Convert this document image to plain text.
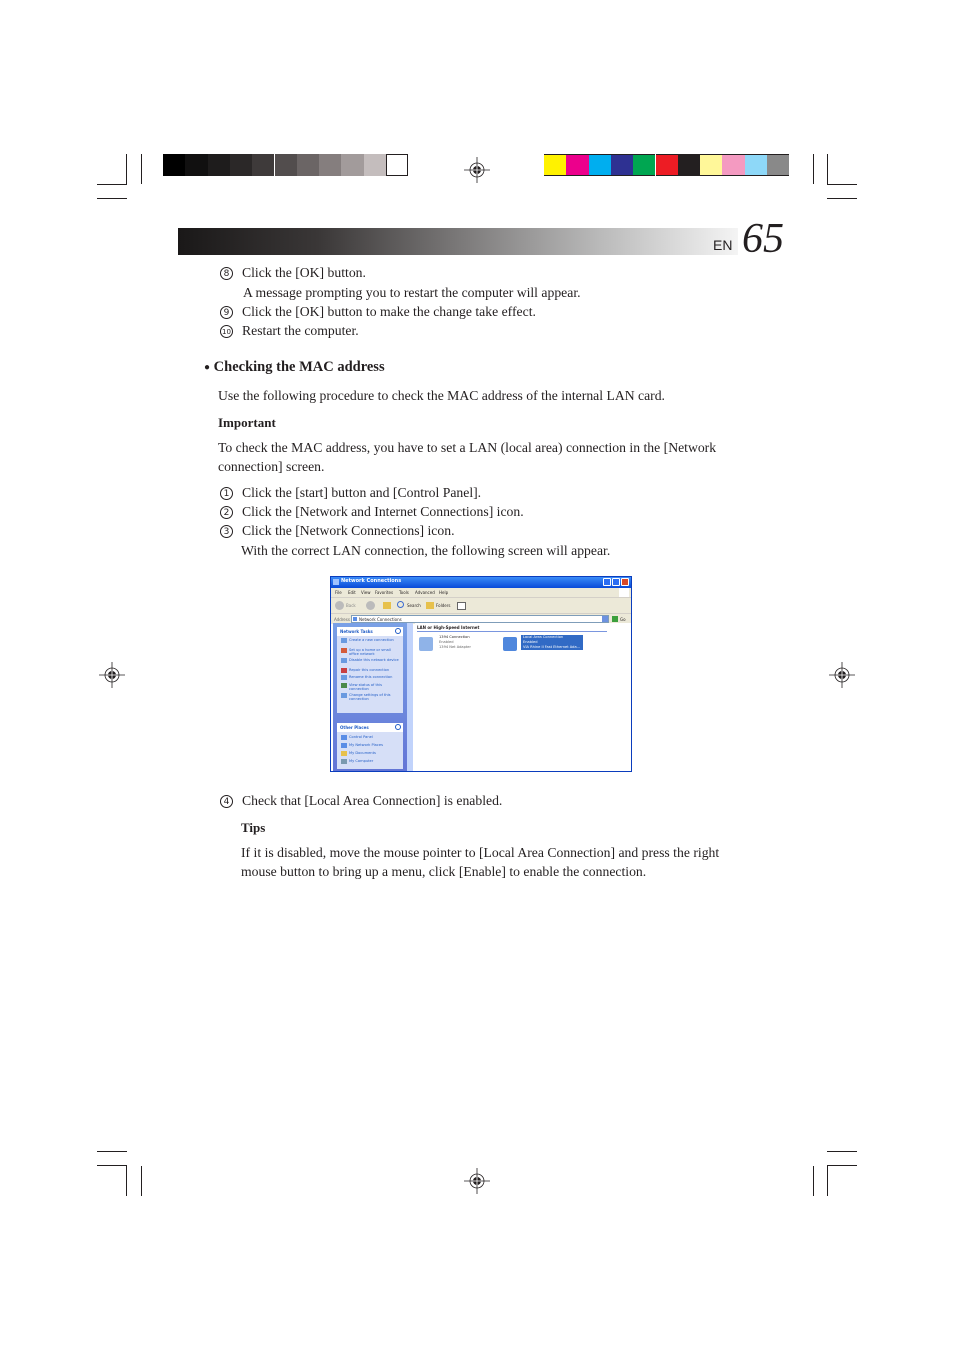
EN 65
8 Click the [OK] button.
A message prompting you to restart the computer will appear.
9 Click the [OK] button to make the change take effect.
10 Restart the computer.
● Checking the MAC address
Use the following procedure to check the MAC address of the internal LAN card.
Important
To check the MAC address, you have to set a LAN (local area) connection in the [Network
connection] screen.
1 Click the [start] button and [Control Panel].
2 Click the [Network and Internet Connections] icon.
3 Click the [Network Connections] icon.
With the correct LAN connection, the following screen will appear.
Network Connections
File Edit View Favorites Tools Advanced Help
Back	Search	Folders
Address Network Connections	Go
Network Tasks
Create a new connection
Set up a home or small office network
Disable this network device
Repair this connection
Rename this connection
View status of this connection
Change settings of this connection
Other Places
Control Panel
My Network Places
My Documents
My Computer
LAN or High-Speed Internet
1394 Connection
Enabled
1394 Net Adapter
Local Area Connection
Enabled
VIA Rhine II Fast Ethernet Ada...
4 Check that [Local Area Connection] is enabled.
Tips
If it is disabled, move the mouse pointer to [Local Area Connection] and press the right
mouse button to bring up a menu, click [Enable] to enable the connection.
